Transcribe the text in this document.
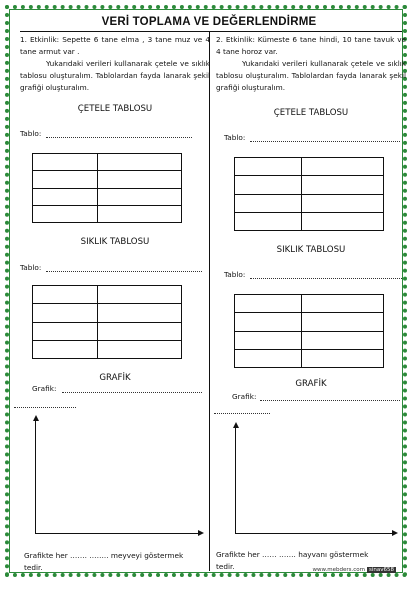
VERİ TOPLAMA VE DEĞERLENDİRME

1. Etkinlik: Sepette 6 tane elma , 3 tane muz ve 4 tane armut var .

Yukarıdaki verileri kullanarak çetele ve sıklık tablosu oluşturalım. Tablolardan fayda lanarak şekil grafiği oluşturalım.

ÇETELE TABLOSU
Tablo:

SIKLIK TABLOSU
Tablo:

GRAFİK
Grafik:
Grafikte her ……. …….. meyveyi göstermek
tedir.

2. Etkinlik: Kümeste 6 tane hindi, 10 tane tavuk ve 4 tane horoz var.

Yukarıdaki verileri kullanarak çetele ve sıklık tablosu oluşturalım. Tablolardan fayda lanarak şekil grafiği oluşturalım.

ÇETELE TABLOSU
Tablo:

SIKLIK TABLOSU
Tablo:

GRAFİK
Grafik:
Grafikte her …… ……. hayvanı göstermek
tedir.	www.mebders.com sinav658
